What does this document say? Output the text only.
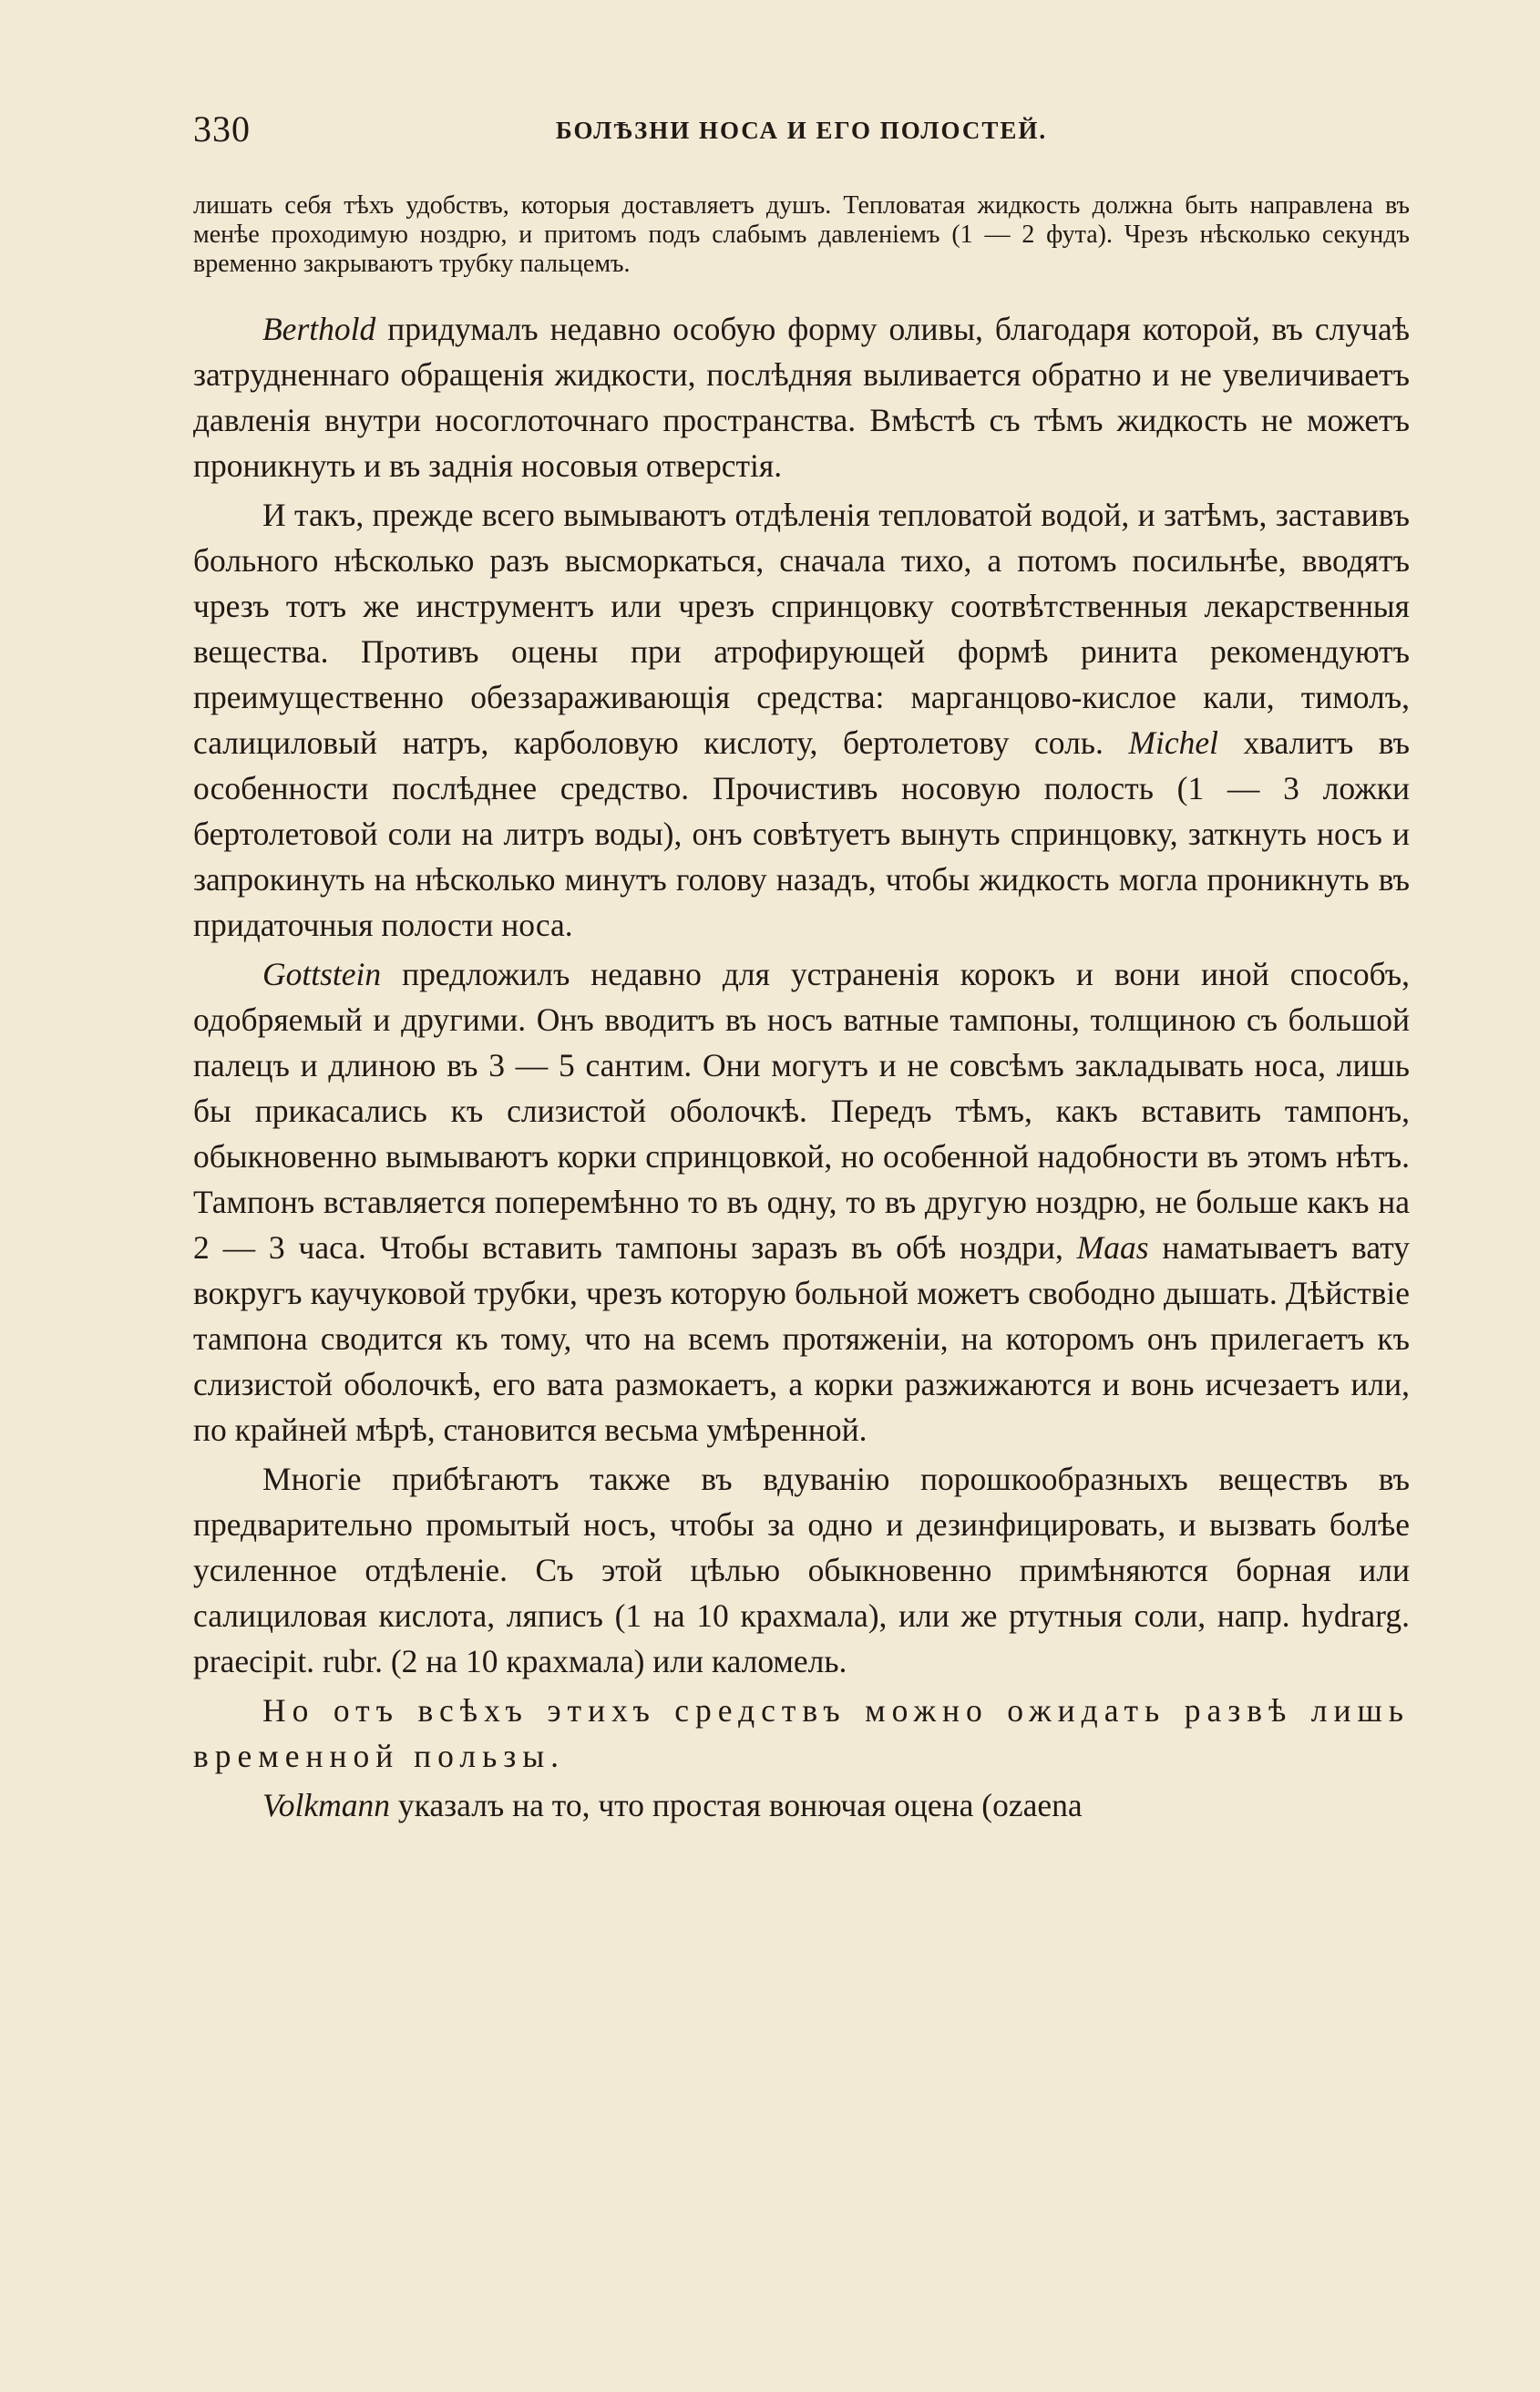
330	БОЛѢЗНИ НОСА И ЕГО ПОЛОСТЕЙ.

лишать себя тѣхъ удобствъ, которыя доставляетъ душъ. Тепловатая жидкость должна быть направлена въ менѣе проходимую ноздрю, и притомъ подъ слабымъ давленіемъ (1 — 2 фута). Чрезъ нѣсколько секундъ временно закрываютъ трубку пальцемъ.

Berthold придумалъ недавно особую форму оливы, благодаря которой, въ случаѣ затрудненнаго обращенія жидкости, послѣдняя выливается обратно и не увеличиваетъ давленія внутри носоглоточнаго пространства. Вмѣстѣ съ тѣмъ жидкость не можетъ проникнуть и въ заднія носовыя отверстія.

И такъ, прежде всего вымываютъ отдѣленія тепловатой водой, и затѣмъ, заставивъ больного нѣсколько разъ высморкаться, сначала тихо, а потомъ посильнѣе, вводятъ чрезъ тотъ же инструментъ или чрезъ спринцовку соотвѣтственныя лекарственныя вещества. Противъ оцены при атрофирующей формѣ ринита рекомендуютъ преимущественно обеззараживающія средства: марганцово-кислое кали, тимолъ, салициловый натръ, карболовую кислоту, бертолетову соль. Michel хвалитъ въ особенности послѣднее средство. Прочистивъ носовую полость (1 — 3 ложки бертолетовой соли на литръ воды), онъ совѣтуетъ вынуть спринцовку, заткнуть носъ и запрокинуть на нѣсколько минутъ голову назадъ, чтобы жидкость могла проникнуть въ придаточныя полости носа.

Gottstein предложилъ недавно для устраненія корокъ и вони иной способъ, одобряемый и другими. Онъ вводитъ въ носъ ватные тампоны, толщиною съ большой палецъ и длиною въ 3 — 5 сантим. Они могутъ и не совсѣмъ закладывать носа, лишь бы прикасались къ слизистой оболочкѣ. Передъ тѣмъ, какъ вставить тампонъ, обыкновенно вымываютъ корки спринцовкой, но особенной надобности въ этомъ нѣтъ. Тампонъ вставляется поперемѣнно то въ одну, то въ другую ноздрю, не больше какъ на 2 — 3 часа. Чтобы вставить тампоны заразъ въ обѣ ноздри, Maas наматываетъ вату вокругъ каучуковой трубки, чрезъ которую больной можетъ свободно дышать. Дѣйствіе тампона сводится къ тому, что на всемъ протяженіи, на которомъ онъ прилегаетъ къ слизистой оболочкѣ, его вата размокаетъ, а корки разжижаются и вонь исчезаетъ или, по крайней мѣрѣ, становится весьма умѣренной.

Многіе прибѣгаютъ также въ вдуванію порошкообразныхъ веществъ въ предварительно промытый носъ, чтобы за одно и дезинфицировать, и вызвать болѣе усиленное отдѣленіе. Съ этой цѣлью обыкновенно примѣняются борная или салициловая кислота, ляписъ (1 на 10 крахмала), или же ртутныя соли, напр. hydrarg. praecipit. rubr. (2 на 10 крахмала) или каломель.

Но отъ всѣхъ этихъ средствъ можно ожидать развѣ лишь временной пользы.

Volkmann указалъ на то, что простая вонючая оцена (ozaena
